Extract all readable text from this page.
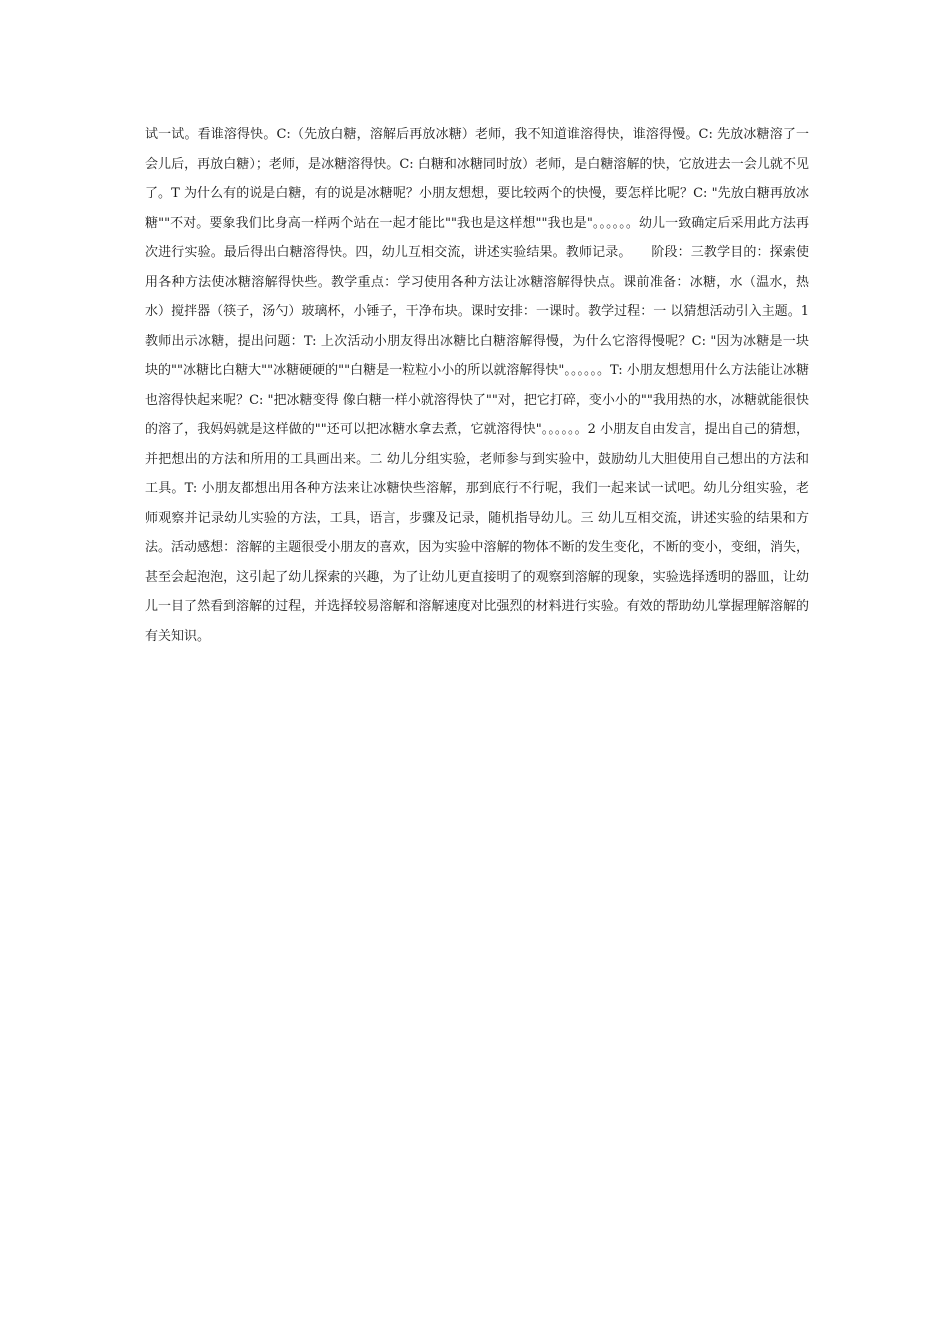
试一试。看谁溶得快。C:（先放白糖，溶解后再放冰糖）老师，我不知道谁溶得快，谁溶得慢。C: 先放冰糖溶了一会儿后，再放白糖）；老师，是冰糖溶得快。C: 白糖和冰糖同时放）老师，是白糖溶解的快，它放进去一会儿就不见了。T 为什么有的说是白糖，有的说是冰糖呢？小朋友想想，要比较两个的快慢，要怎样比呢？C: "先放白糖再放冰糖""不对。要象我们比身高一样两个站在一起才能比""我也是这样想""我也是"。。。。。。幼儿一致确定后采用此方法再次进行实验。最后得出白糖溶得快。四，幼儿互相交流，讲述实验结果。教师记录。　　阶段：三教学目的：探索使用各种方法使冰糖溶解得快些。教学重点：学习使用各种方法让冰糖溶解得快点。课前准备：冰糖，水（温水，热水）搅拌器（筷子，汤勺）玻璃杯，小锤子，干净布块。课时安排：一课时。教学过程：一 以猜想活动引入主题。1 教师出示冰糖，提出问题：T: 上次活动小朋友得出冰糖比白糖溶解得慢，为什么它溶得慢呢？C: "因为冰糖是一块块的""冰糖比白糖大""冰糖硬硬的""白糖是一粒粒小小的所以就溶解得快"。。。。。。T: 小朋友想想用什么方法能让冰糖也溶得快起来呢？C: "把冰糖变得 像白糖一样小就溶得快了""对，把它打碎，变小小的""我用热的水，冰糖就能很快的溶了，我妈妈就是这样做的""还可以把冰糖水拿去煮，它就溶得快"。。。。。。2 小朋友自由发言，提出自己的猜想，并把想出的方法和所用的工具画出来。二 幼儿分组实验，老师参与到实验中，鼓励幼儿大胆使用自己想出的方法和工具。T: 小朋友都想出用各种方法来让冰糖快些溶解，那到底行不行呢，我们一起来试一试吧。幼儿分组实验，老师观察并记录幼儿实验的方法，工具，语言，步骤及记录，随机指导幼儿。三 幼儿互相交流，讲述实验的结果和方法。活动感想：溶解的主题很受小朋友的喜欢，因为实验中溶解的物体不断的发生变化，不断的变小，变细，消失，甚至会起泡泡，这引起了幼儿探索的兴趣，为了让幼儿更直接明了的观察到溶解的现象，实验选择透明的器皿，让幼儿一目了然看到溶解的过程，并选择较易溶解和溶解速度对比强烈的材料进行实验。有效的帮助幼儿掌握理解溶解的有关知识。
